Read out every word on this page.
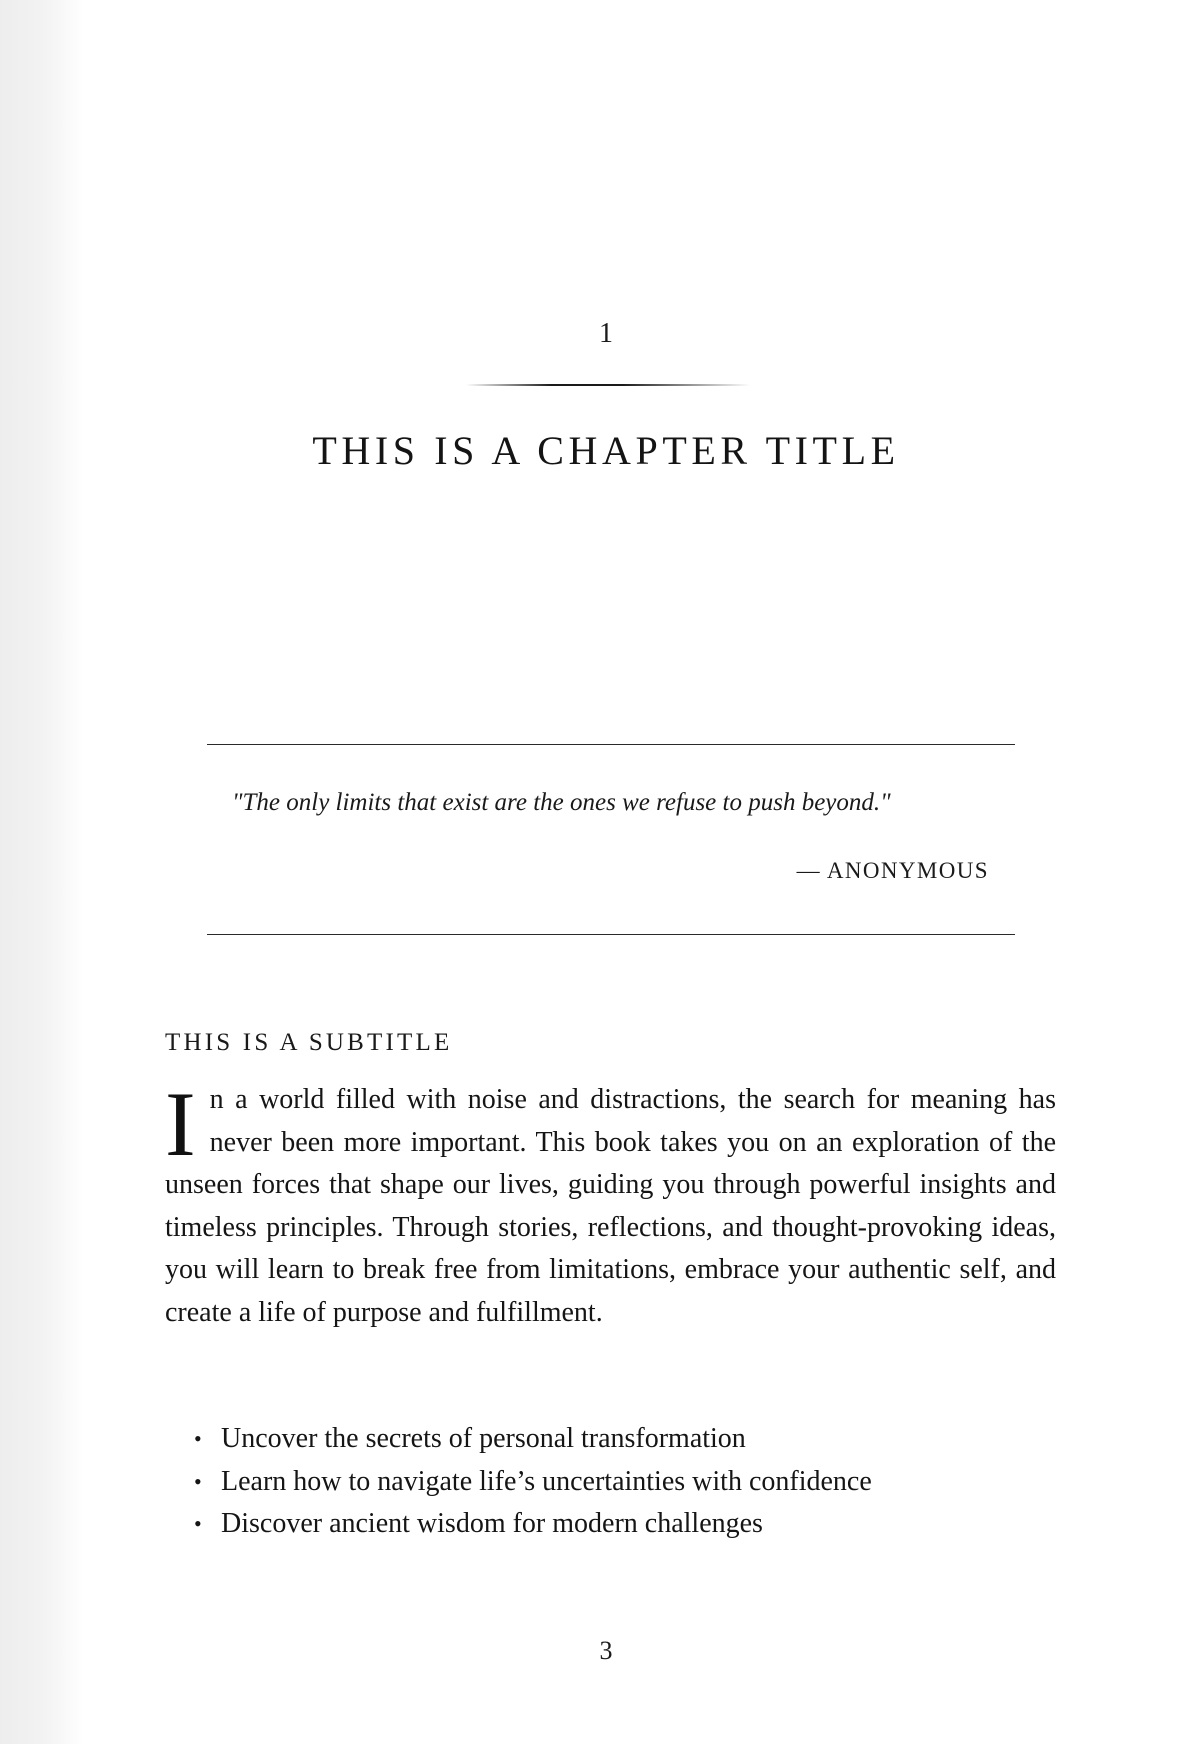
1
THIS IS A CHAPTER TITLE
"The only limits that exist are the ones we refuse to push beyond."
— ANONYMOUS
THIS IS A SUBTITLE

In a world filled with noise and distractions, the search for meaning has never been more important. This book takes you on an exploration of the unseen forces that shape our lives, guiding you through powerful insights and timeless principles. Through stories, reflections, and thought-provoking ideas, you will learn to break free from limitations, embrace your authentic self, and create a life of purpose and fulfillment.

• Uncover the secrets of personal transformation
• Learn how to navigate life’s uncertainties with confidence
• Discover ancient wisdom for modern challenges
3
